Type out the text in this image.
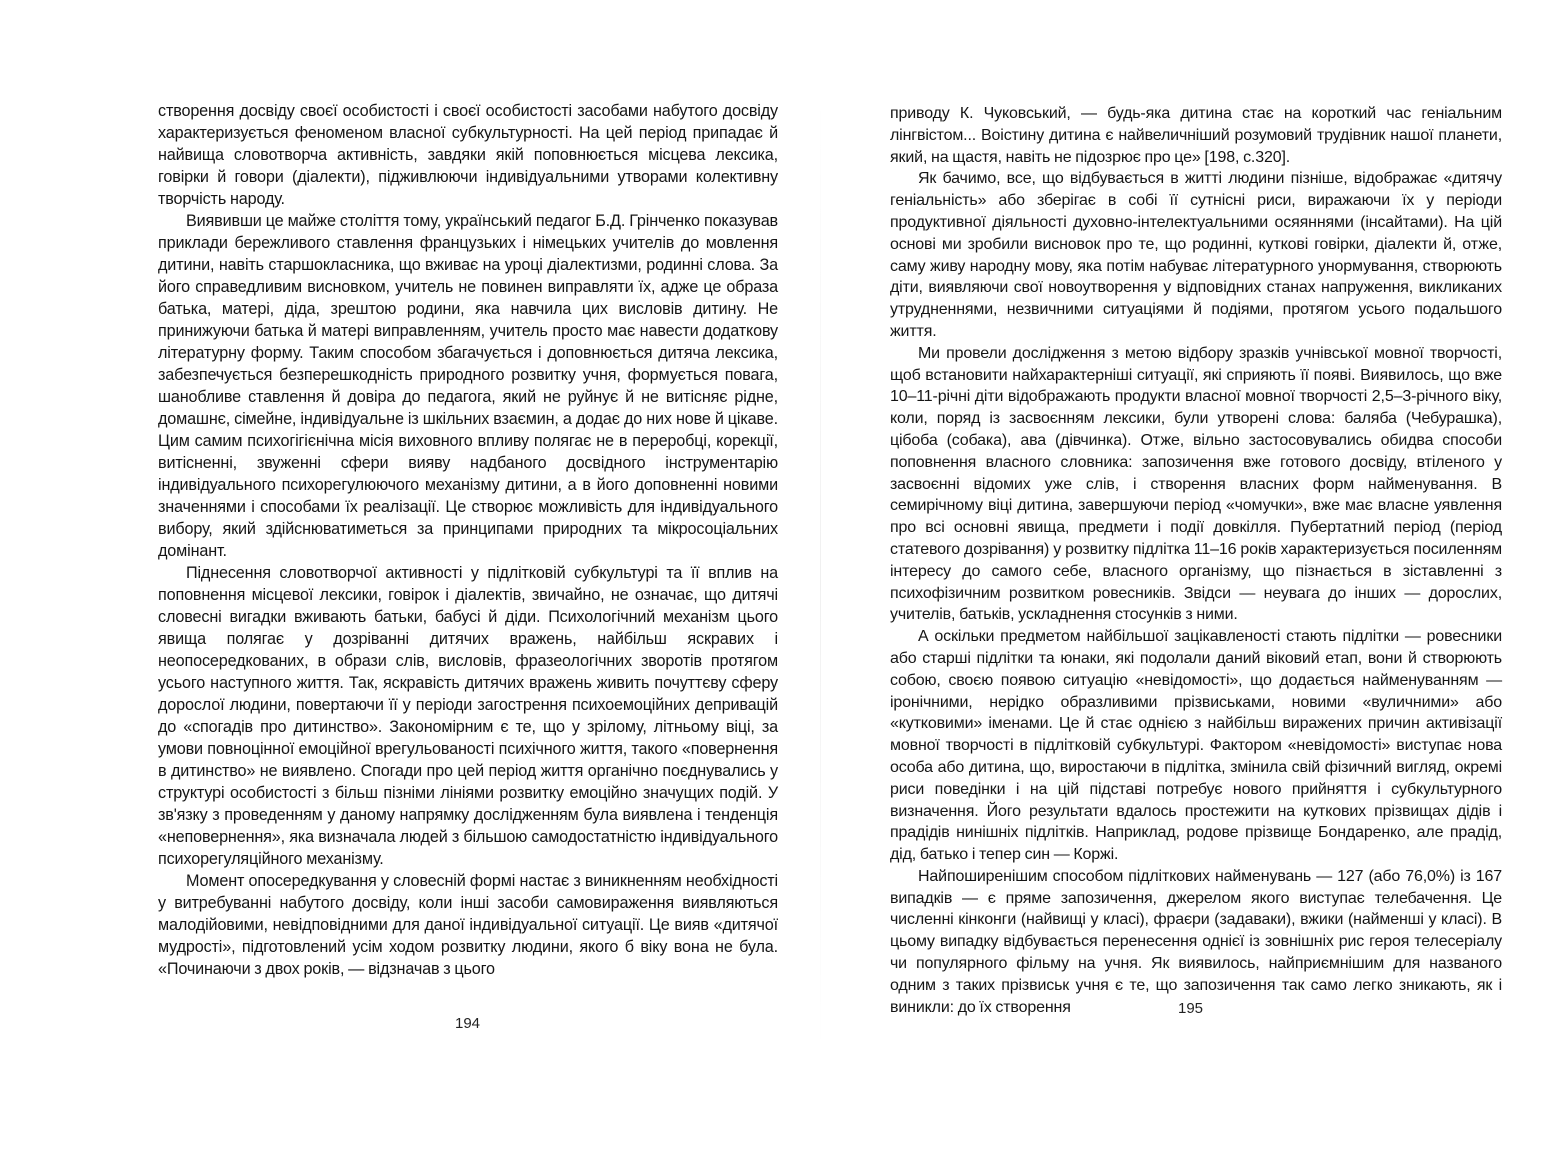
створення досвіду своєї особистості і своєї особистості засобами набутого досвіду характеризується феноменом власної субкультурності. На цей період припадає й найвища словотворча активність, завдяки якій поповнюється місцева лексика, говірки й говори (діалекти), підживлюючи індивідуальними утворами колективну творчість народу.

Виявивши це майже століття тому, український педагог Б.Д. Грінченко показував приклади бережливого ставлення французьких і німецьких учителів до мовлення дитини, навіть старшокласника, що вживає на уроці діалектизми, родинні слова. За його справедливим висновком, учитель не повинен виправляти їх, адже це образа батька, матері, діда, зрештою родини, яка навчила цих висловів дитину. Не принижуючи батька й матері виправленням, учитель просто має навести додаткову літературну форму. Таким способом збагачується і доповнюється дитяча лексика, забезпечується безперешкодність природного розвитку учня, формується повага, шанобливе ставлення й довіра до педагога, який не руйнує й не витісняє рідне, домашнє, сімейне, індивідуальне із шкільних взаємин, а додає до них нове й цікаве. Цим самим психогігієнічна місія виховного впливу полягає не в переробці, корекції, витісненні, звуженні сфери вияву надбаного досвідного інструментарію індивідуального психорегулюючого механізму дитини, а в його доповненні новими значеннями і способами їх реалізації. Це створює можливість для індивідуального вибору, який здійснюватиметься за принципами природних та мікросоціальних домінант.

Піднесення словотворчої активності у підлітковій субкультурі та її вплив на поповнення місцевої лексики, говірок і діалектів, звичайно, не означає, що дитячі словесні вигадки вживають батьки, бабусі й діди. Психологічний механізм цього явища полягає у дозріванні дитячих вражень, найбільш яскравих і неопосередкованих, в образи слів, висловів, фразеологічних зворотів протягом усього наступного життя. Так, яскравість дитячих вражень живить почуттєву сферу дорослої людини, повертаючи її у періоди загострення психоемоційних депривацій до «спогадів про дитинство». Закономірним є те, що у зрілому, літньому віці, за умови повноцінної емоційної врегульованості психічного життя, такого «повернення в дитинство» не виявлено. Спогади про цей період життя органічно поєднувались у структурі особистості з більш пізніми лініями розвитку емоційно значущих подій. У зв'язку з проведенням у даному напрямку дослідженням була виявлена і тенденція «неповернення», яка визначала людей з більшою самодостатністю індивідуального психорегуляційного механізму.

Момент опосередкування у словесній формі настає з виникненням необхідності у витребуванні набутого досвіду, коли інші засоби самовираження виявляються малодійовими, невідповідними для даної індивідуальної ситуації. Це вияв «дитячої мудрості», підготовлений усім ходом розвитку людини, якого б віку вона не була. «Починаючи з двох років, — відзначав з цього

194

приводу К. Чуковський, — будь-яка дитина стає на короткий час геніальним лінгвістом... Воістину дитина є найвеличніший розумовий трудівник нашої планети, який, на щастя, навіть не підозрює про це» [198, с.320].

Як бачимо, все, що відбувається в житті людини пізніше, відображає «дитячу геніальність» або зберігає в собі її сутнісні риси, виражаючи їх у періоди продуктивної діяльності духовно-інтелектуальними осяяннями (інсайтами). На цій основі ми зробили висновок про те, що родинні, куткові говірки, діалекти й, отже, саму живу народну мову, яка потім набуває літературного унормування, створюють діти, виявляючи свої новоутворення у відповідних станах напруження, викликаних утрудненнями, незвичними ситуаціями й подіями, протягом усього подальшого життя.

Ми провели дослідження з метою відбору зразків учнівської мовної творчості, щоб встановити найхарактерніші ситуації, які сприяють її появі. Виявилось, що вже 10–11-річні діти відображають продукти власної мовної творчості 2,5–3-річного віку, коли, поряд із засвоєнням лексики, були утворені слова: баляба (Чебурашка), цібоба (собака), ава (дівчинка). Отже, вільно застосовувались обидва способи поповнення власного словника: запозичення вже готового досвіду, втіленого у засвоєнні відомих уже слів, і створення власних форм найменування. В семирічному віці дитина, завершуючи період «чомучки», вже має власне уявлення про всі основні явища, предмети і події довкілля. Пубертатний період (період статевого дозрівання) у розвитку підлітка 11–16 років характеризується посиленням інтересу до самого себе, власного організму, що пізнається в зіставленні з психофізичним розвитком ровесників. Звідси — неувага до інших — дорослих, учителів, батьків, ускладнення стосунків з ними.

А оскільки предметом найбільшої зацікавленості стають підлітки — ровесники або старші підлітки та юнаки, які подолали даний віковий етап, вони й створюють собою, своєю появою ситуацію «невідомості», що додається найменуванням — іронічними, нерідко образливими прізвиськами, новими «вуличними» або «кутковими» іменами. Це й стає однією з найбільш виражених причин активізації мовної творчості в підлітковій субкультурі. Фактором «невідомості» виступає нова особа або дитина, що, виростаючи в підлітка, змінила свій фізичний вигляд, окремі риси поведінки і на цій підставі потребує нового прийняття і субкультурного визначення. Його результати вдалось простежити на куткових прізвищах дідів і прадідів нинішніх підлітків. Наприклад, родове прізвище Бондаренко, але прадід, дід, батько і тепер син — Коржі.

Найпоширенішим способом підліткових найменувань — 127 (або 76,0%) із 167 випадків — є пряме запозичення, джерелом якого виступає телебачення. Це численні кінконги (найвищі у класі), фраєри (задаваки), вжики (найменші у класі). В цьому випадку відбувається перенесення однієї із зовнішніх рис героя телесеріалу чи популярного фільму на учня. Як виявилось, найприємнішим для названого одним з таких прізвиськ учня є те, що запозичення так само легко зникають, як і виникли: до їх створення	195
